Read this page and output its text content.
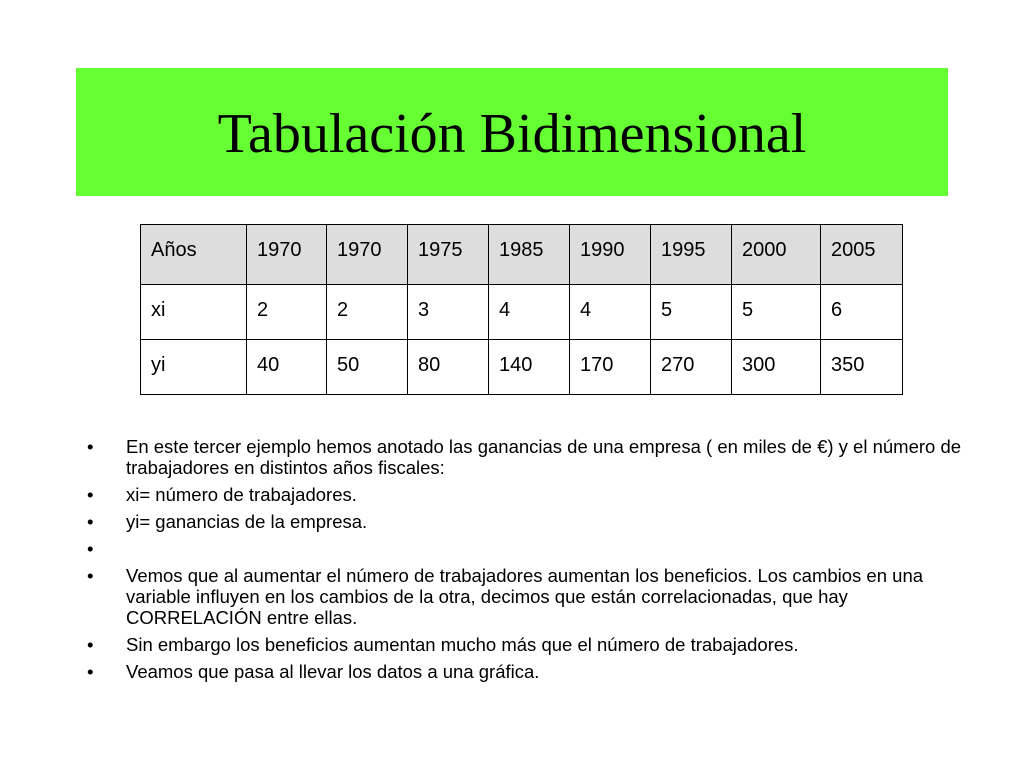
Tabulación Bidimensional
Años	1970	1970	1975	1985	1990	1995	2000	2005
xi	2	2	3	4	4	5	5	6
yi	40	50	80	140	170	270	300	350
• En este tercer ejemplo hemos anotado las ganancias de una empresa ( en miles de €) y el número de trabajadores en distintos años fiscales:
• xi= número de trabajadores.
• yi= ganancias de la empresa.
•
• Vemos que al aumentar el número de trabajadores aumentan los beneficios. Los cambios en una variable influyen en los cambios de la otra, decimos que están correlacionadas, que hay CORRELACIÓN entre ellas.
• Sin embargo los beneficios aumentan mucho más que el número de trabajadores.
• Veamos que pasa al llevar los datos a una gráfica.
